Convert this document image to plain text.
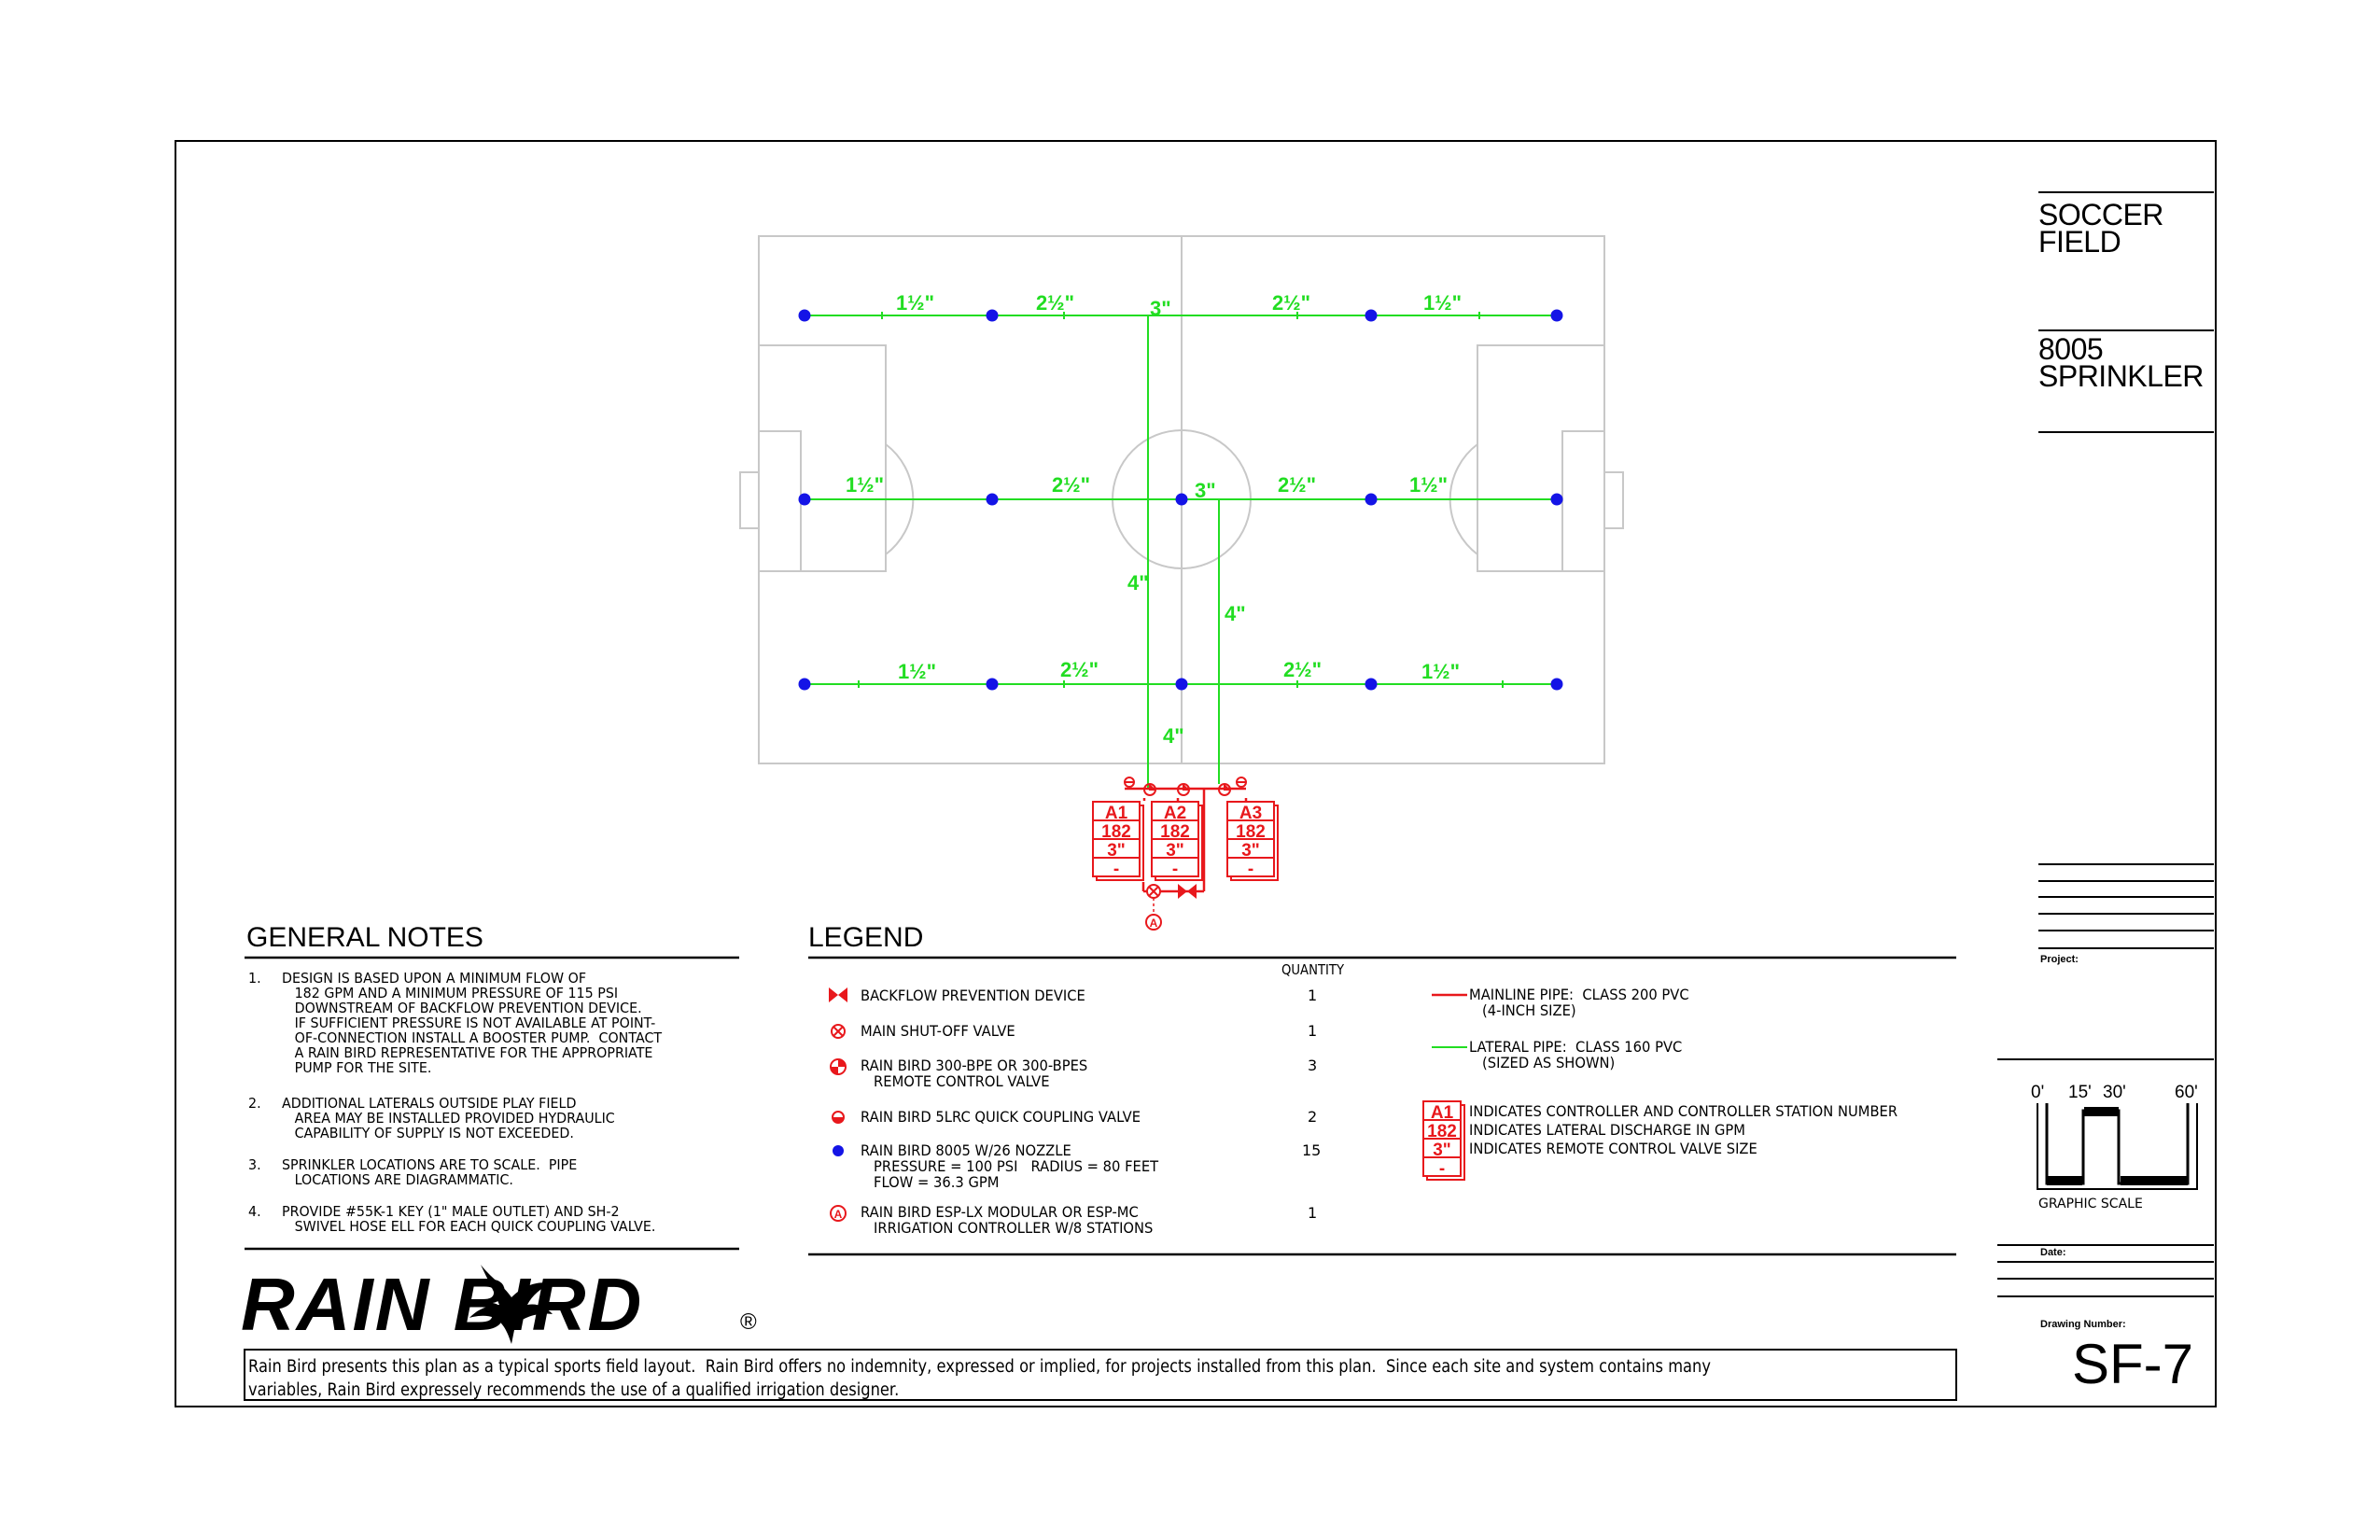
1½"	2½"	3"	2½"	1½"
1½"	2½"	3"	2½"	1½"
1½"	2½"	2½"	1½"
4"
4"
4"
A1
182
3"
-
A2
182
3"
-
A3
182
3"
-
A
A
A1
182
3"
-
SOCCER
FIELD
8005
SPRINKLER
Project:
0' 15' 30'	60'
GRAPHIC SCALE
Date:
Drawing Number:
SF-7
GENERAL NOTES
1. DESIGN IS BASED UPON A MINIMUM FLOW OF
182 GPM AND A MINIMUM PRESSURE OF 115 PSI
DOWNSTREAM OF BACKFLOW PREVENTION DEVICE.
IF SUFFICIENT PRESSURE IS NOT AVAILABLE AT POINT-
OF-CONNECTION INSTALL A BOOSTER PUMP.  CONTACT
A RAIN BIRD REPRESENTATIVE FOR THE APPROPRIATE
PUMP FOR THE SITE.
2. ADDITIONAL LATERALS OUTSIDE PLAY FIELD
AREA MAY BE INSTALLED PROVIDED HYDRAULIC
CAPABILITY OF SUPPLY IS NOT EXCEEDED.
3. SPRINKLER LOCATIONS ARE TO SCALE.  PIPE
LOCATIONS ARE DIAGRAMMATIC.
4. PROVIDE #55K-1 KEY (1" MALE OUTLET) AND SH-2
SWIVEL HOSE ELL FOR EACH QUICK COUPLING VALVE.
LEGEND
QUANTITY
BACKFLOW PREVENTION DEVICE	1
MAIN SHUT-OFF VALVE	1
RAIN BIRD 300-BPE OR 300-BPES
REMOTE CONTROL VALVE
3
RAIN BIRD 5LRC QUICK COUPLING VALVE	2
RAIN BIRD 8005 W/26 NOZZLE
PRESSURE = 100 PSI   RADIUS = 80 FEET
FLOW = 36.3 GPM
15
RAIN BIRD ESP-LX MODULAR OR ESP-MC
IRRIGATION CONTROLLER W/8 STATIONS
1
MAINLINE PIPE:  CLASS 200 PVC
(4-INCH SIZE)
LATERAL PIPE:  CLASS 160 PVC
(SIZED AS SHOWN)
INDICATES CONTROLLER AND CONTROLLER STATION NUMBER
INDICATES LATERAL DISCHARGE IN GPM
INDICATES REMOTE CONTROL VALVE SIZE
RAIN BIRD	®
Rain Bird presents this plan as a typical sports field layout.  Rain Bird offers no indemnity, expressed or implied, for projects installed from this plan.  Since each site and system contains many
variables, Rain Bird expressely recommends the use of a qualified irrigation designer.
